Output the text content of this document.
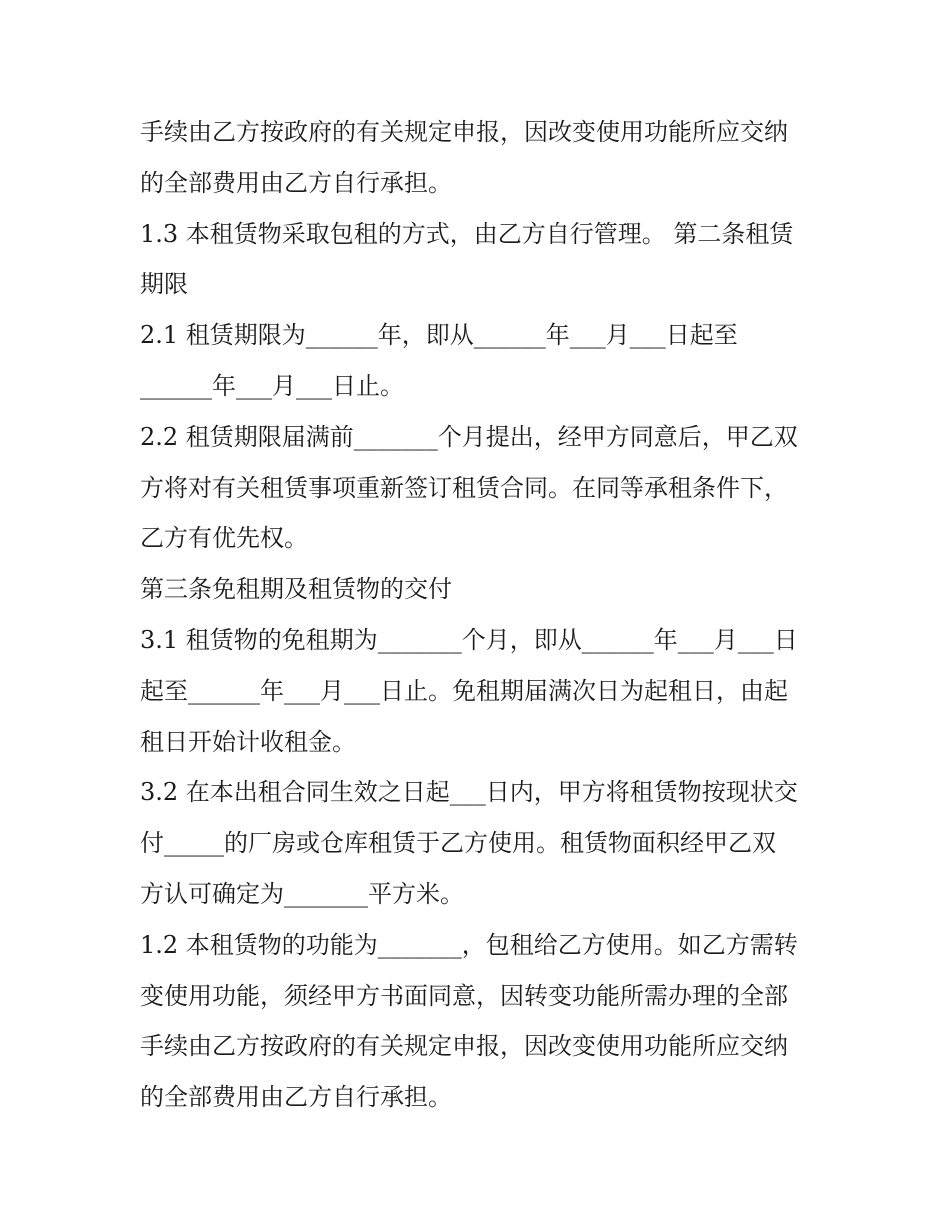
手续由乙方按政府的有关规定申报，因改变使用功能所应交纳
的全部费用由乙方自行承担。
1.3 本租赁物采取包租的方式，由乙方自行管理。 第二条租赁
期限
2.1 租赁期限为______年，即从______年___月___日起至
______年___月___日止。
2.2 租赁期限届满前_______个月提出，经甲方同意后，甲乙双
方将对有关租赁事项重新签订租赁合同。在同等承租条件下，
乙方有优先权。
第三条免租期及租赁物的交付
3.1 租赁物的免租期为_______个月，即从______年___月___日
起至______年___月___日止。免租期届满次日为起租日，由起
租日开始计收租金。
3.2 在本出租合同生效之日起___日内，甲方将租赁物按现状交
付_____的厂房或仓库租赁于乙方使用。租赁物面积经甲乙双
方认可确定为_______平方米。
1.2 本租赁物的功能为_______，包租给乙方使用。如乙方需转
变使用功能，须经甲方书面同意，因转变功能所需办理的全部
手续由乙方按政府的有关规定申报，因改变使用功能所应交纳
的全部费用由乙方自行承担。
